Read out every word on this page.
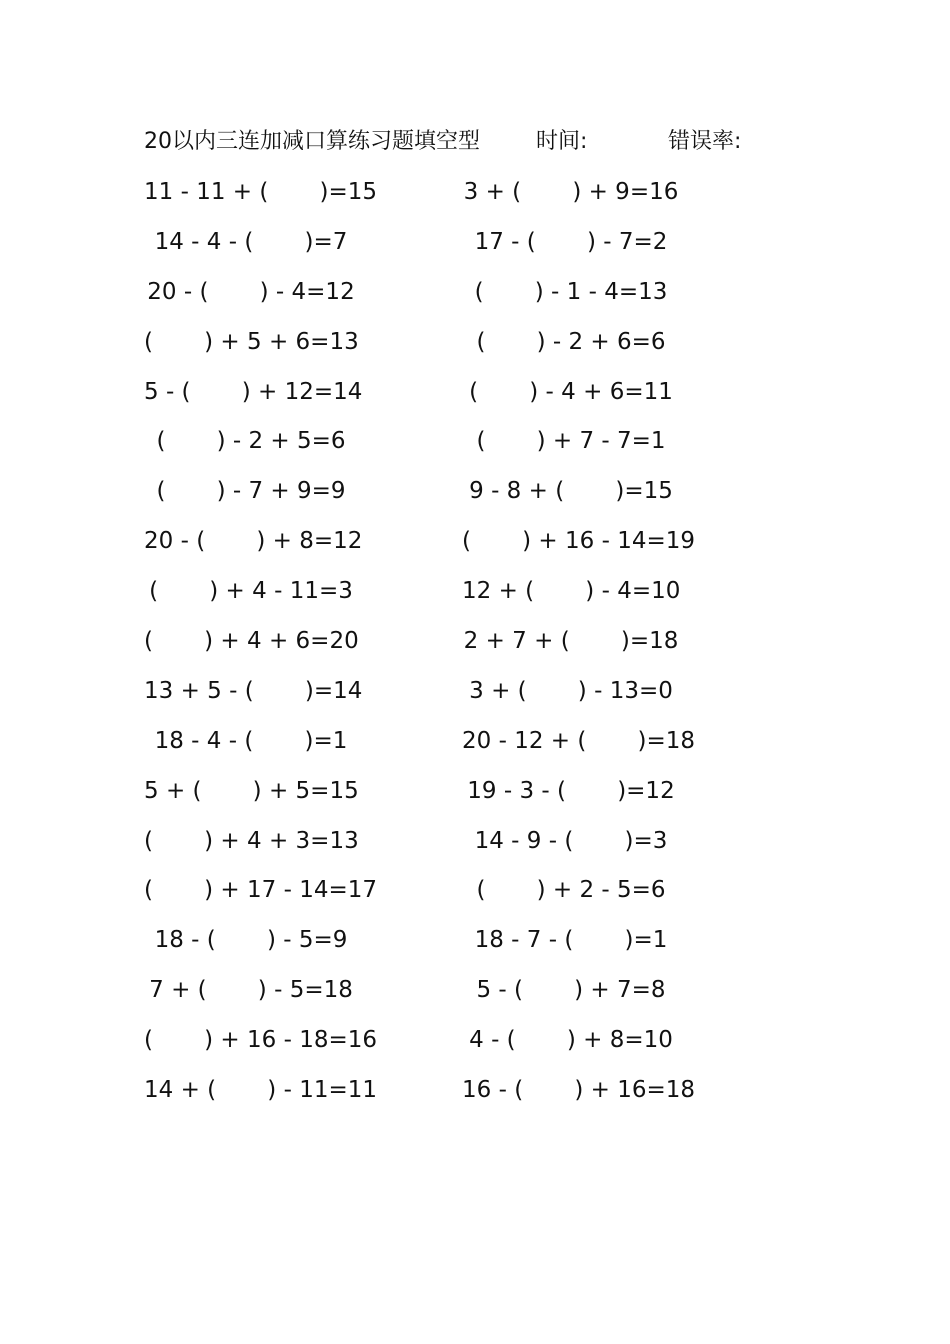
20以内三连加减口算练习题填空型	时间:	错误率:
11 - 11 + (       )=15	3 + (       ) + 9=16
14 - 4 - (       )=7	17 - (       ) - 7=2
20 - (       ) - 4=12	(       ) - 1 - 4=13
(       ) + 5 + 6=13	(       ) - 2 + 6=6
5 - (       ) + 12=14	(       ) - 4 + 6=11
(       ) - 2 + 5=6	(       ) + 7 - 7=1
(       ) - 7 + 9=9	9 - 8 + (       )=15
20 - (       ) + 8=12	(       ) + 16 - 14=19
(       ) + 4 - 11=3	12 + (       ) - 4=10
(       ) + 4 + 6=20	2 + 7 + (       )=18
13 + 5 - (       )=14	3 + (       ) - 13=0
18 - 4 - (       )=1	20 - 12 + (       )=18
5 + (       ) + 5=15	19 - 3 - (       )=12
(       ) + 4 + 3=13	14 - 9 - (       )=3
(       ) + 17 - 14=17	(       ) + 2 - 5=6
18 - (       ) - 5=9	18 - 7 - (       )=1
7 + (       ) - 5=18	5 - (       ) + 7=8
(       ) + 16 - 18=16	4 - (       ) + 8=10
14 + (       ) - 11=11	16 - (       ) + 16=18
